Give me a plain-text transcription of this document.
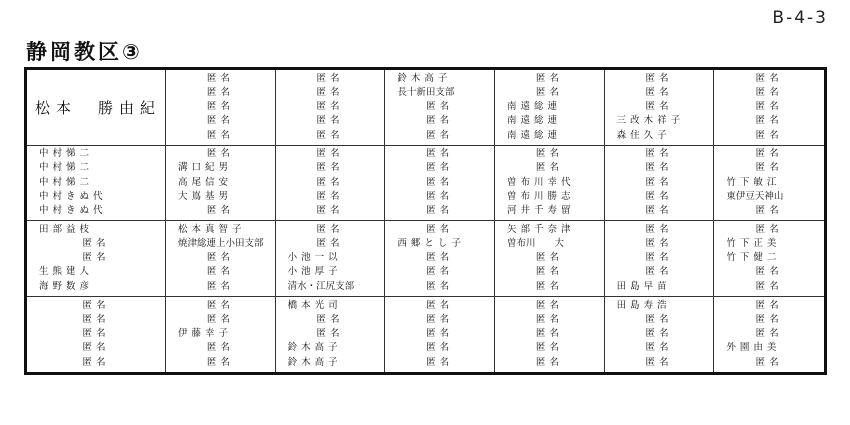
B-4-3
静岡教区③
松本　勝由紀
匿名
匿名
匿名
匿名
匿名
匿名
匿名
匿名
匿名
匿名
鈴木高子
長十新田支部
匿名
匿名
匿名
匿名
匿名
南遠総連
南遠総連
南遠総連
匿名
匿名
匿名
三改木祥子
森住久子
匿名
匿名
匿名
匿名
匿名
中村悌二
中村悌二
中村悌二
中村きぬ代
中村きぬ代
匿名
溝口紀男
高尾信安
大嶌基男
匿名
匿名
匿名
匿名
匿名
匿名
匿名
匿名
匿名
匿名
匿名
匿名
匿名
曽布川幸代
曽布川勝志
河井千寿留
匿名
匿名
匿名
匿名
匿名
匿名
匿名
竹下敏江
東伊豆天神山
匿名
田部益枝
匿名
匿名
生熊建人
海野数彦
松本真智子
焼津総連上小田支部
匿名
匿名
匿名
匿名
匿名
小池一以
小池厚子
清水・江尻支部
匿名
西郷とし子
匿名
匿名
匿名
矢部千奈津
曽布川　　大
匿名
匿名
匿名
匿名
匿名
匿名
匿名
田島早苗
匿名
竹下正美
竹下健二
匿名
匿名
匿名
匿名
匿名
匿名
匿名
匿名
匿名
伊藤幸子
匿名
匿名
橋本光司
匿名
匿名
鈴木高子
鈴木高子
匿名
匿名
匿名
匿名
匿名
匿名
匿名
匿名
匿名
匿名
田島寿浩
匿名
匿名
匿名
匿名
匿名
匿名
匿名
外園由美
匿名
